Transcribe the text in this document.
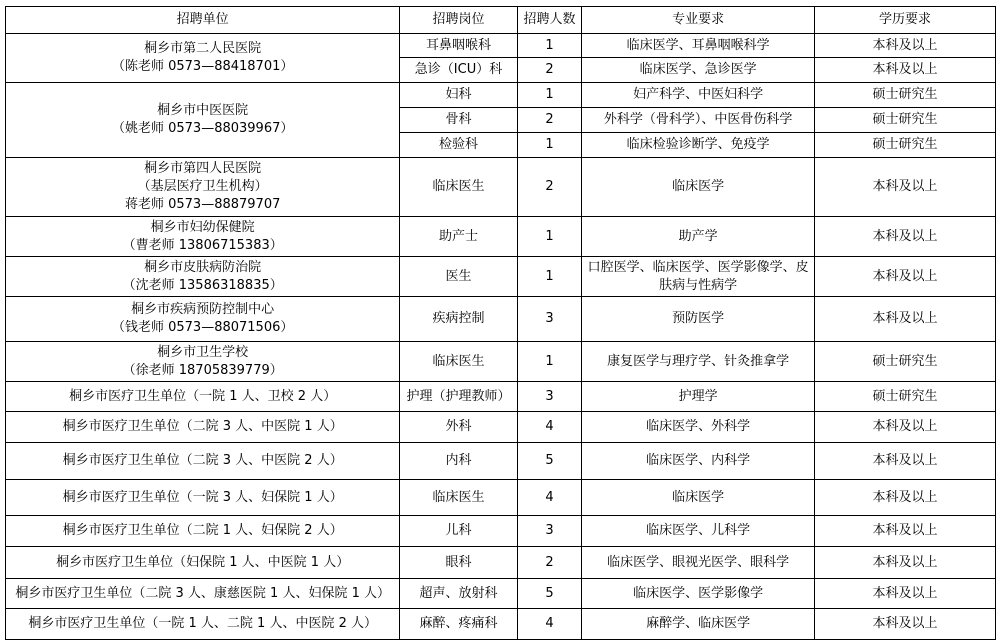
招聘单位	招聘岗位	招聘人数	专业要求	学历要求

桐乡市第二人民医院
（陈老师 0573—88418701）	耳鼻咽喉科	1	临床医学、耳鼻咽喉科学	本科及以上
	急诊（ICU）科	2	临床医学、急诊医学	本科及以上

桐乡市中医医院
（姚老师 0573—88039967）	妇科	1	妇产科学、中医妇科学	硕士研究生
	骨科	2	外科学（骨科学）、中医骨伤科学	硕士研究生
	检验科	1	临床检验诊断学、免疫学	硕士研究生

桐乡市第四人民医院
（基层医疗卫生机构）
蒋老师 0573—88879707	临床医生	2	临床医学	本科及以上

桐乡市妇幼保健院
（曹老师 13806715383）	助产士	1	助产学	本科及以上

桐乡市皮肤病防治院
（沈老师 13586318835）	医生	1	口腔医学、临床医学、医学影像学、皮肤病与性病学	本科及以上

桐乡市疾病预防控制中心
（钱老师 0573—88071506）	疾病控制	3	预防医学	本科及以上

桐乡市卫生学校
（徐老师 18705839779）	临床医生	1	康复医学与理疗学、针灸推拿学	硕士研究生

桐乡市医疗卫生单位（一院 1 人、卫校 2 人）	护理（护理教师）	3	护理学	硕士研究生

桐乡市医疗卫生单位（二院 3 人、中医院 1 人）	外科	4	临床医学、外科学	本科及以上

桐乡市医疗卫生单位（二院 3 人、中医院 2 人）	内科	5	临床医学、内科学	本科及以上

桐乡市医疗卫生单位（一院 3 人、妇保院 1 人）	临床医生	4	临床医学	本科及以上

桐乡市医疗卫生单位（二院 1 人、妇保院 2 人）	儿科	3	临床医学、儿科学	本科及以上

桐乡市医疗卫生单位（妇保院 1 人、中医院 1 人）	眼科	2	临床医学、眼视光医学、眼科学	本科及以上

桐乡市医疗卫生单位（二院 3 人、康慈医院 1 人、妇保院 1 人）	超声、放射科	5	临床医学、医学影像学	本科及以上

桐乡市医疗卫生单位（一院 1 人、二院 1 人、中医院 2 人）	麻醉、疼痛科	4	麻醉学、临床医学	本科及以上
